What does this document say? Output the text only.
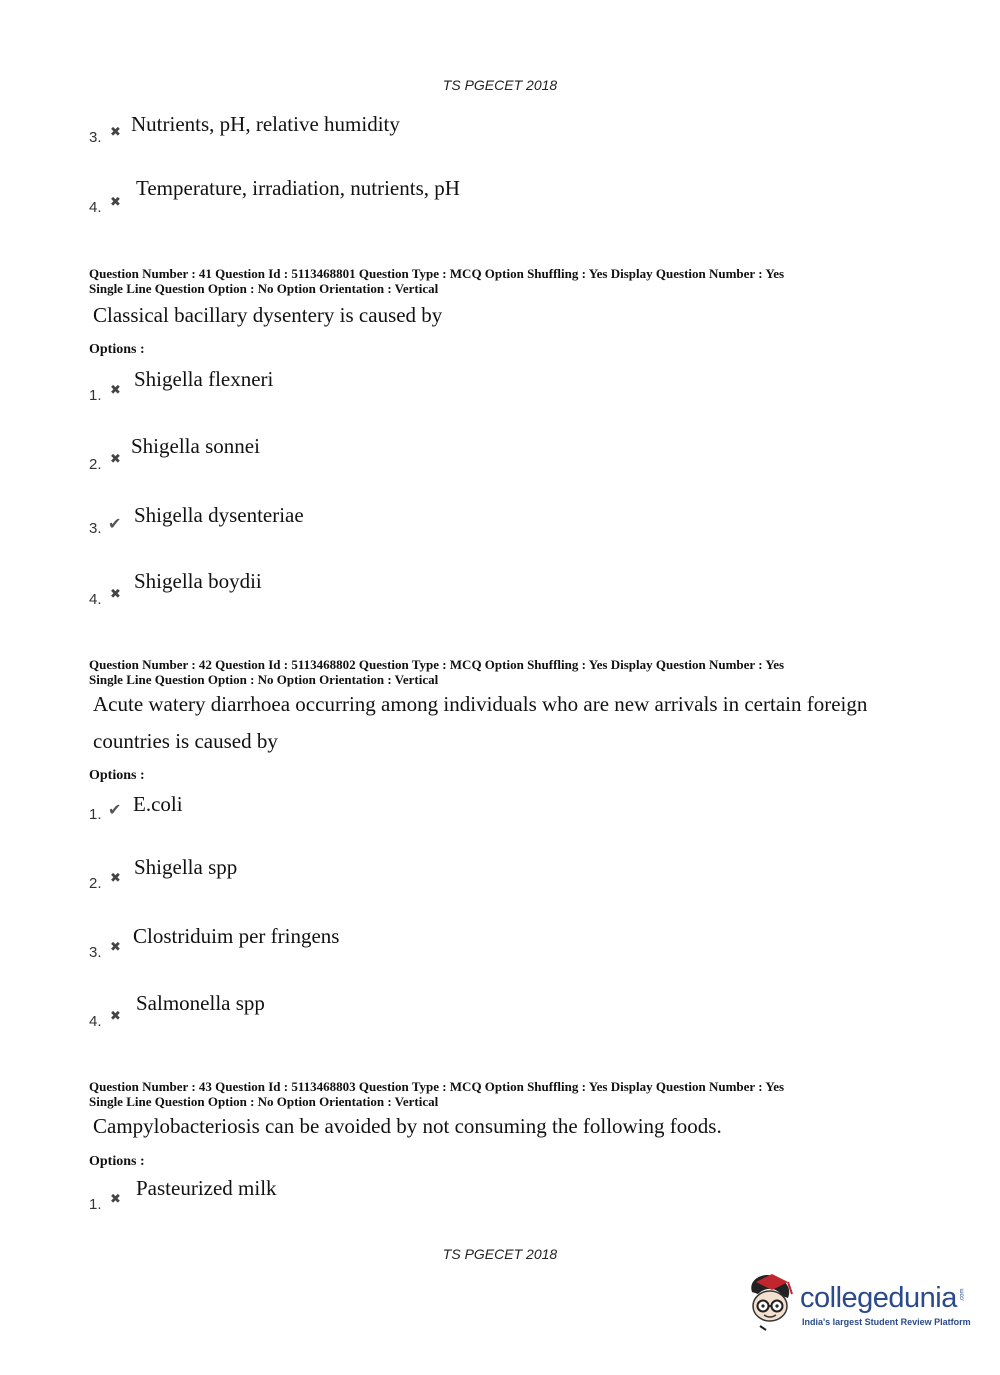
TS PGECET 2018
3. ✖ Nutrients, pH, relative humidity
4. ✖
Temperature, irradiation, nutrients, pH
Question Number : 41 Question Id : 5113468801 Question Type : MCQ Option Shuffling : Yes Display Question Number : Yes
Single Line Question Option : No Option Orientation : Vertical
Classical bacillary dysentery is caused by
Options :
1. ✖ Shigella flexneri
2. ✖
Shigella sonnei
3. ✔ Shigella dysenteriae
4. ✖
Shigella boydii
Question Number : 42 Question Id : 5113468802 Question Type : MCQ Option Shuffling : Yes Display Question Number : Yes
Single Line Question Option : No Option Orientation : Vertical
Acute watery diarrhoea occurring among individuals who are new arrivals in certain foreign
countries is caused by
Options :
1. ✔ E.coli
2. ✖ Shigella spp
3. ✖ Clostriduim per fringens
4. ✖
Salmonella spp
Question Number : 43 Question Id : 5113468803 Question Type : MCQ Option Shuffling : Yes Display Question Number : Yes
Single Line Question Option : No Option Orientation : Vertical
Campylobacteriosis can be avoided by not consuming the following foods.
Options :
1. ✖ Pasteurized milk
TS PGECET 2018
collegedunia .com
India's largest Student Review Platform
